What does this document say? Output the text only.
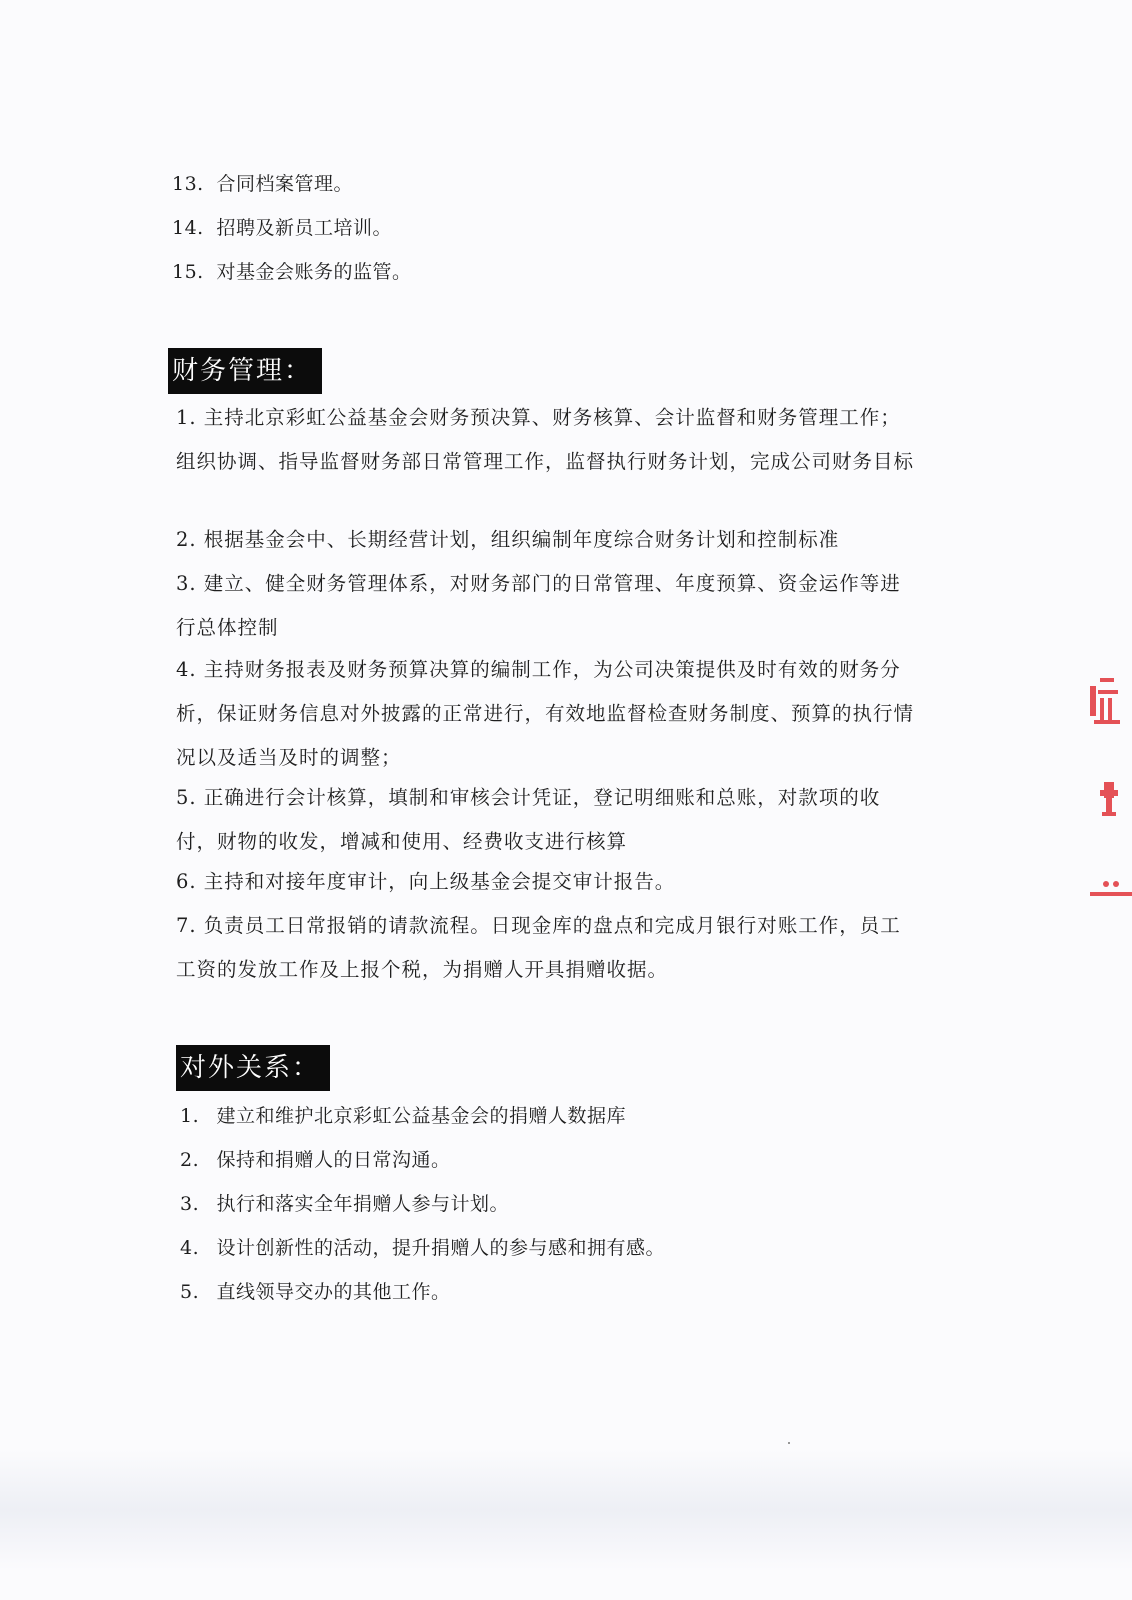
13. 合同档案管理。
14. 招聘及新员工培训。
15. 对基金会账务的监管。
财务管理：

1. 主持北京彩虹公益基金会财务预决算、财务核算、会计监督和财务管理工作；组织协调、指导监督财务部日常管理工作，监督执行财务计划，完成公司财务目标

2. 根据基金会中、长期经营计划，组织编制年度综合财务计划和控制标准

3. 建立、健全财务管理体系，对财务部门的日常管理、年度预算、资金运作等进行总体控制

4. 主持财务报表及财务预算决算的编制工作，为公司决策提供及时有效的财务分析，保证财务信息对外披露的正常进行，有效地监督检查财务制度、预算的执行情况以及适当及时的调整；

5. 正确进行会计核算，填制和审核会计凭证，登记明细账和总账，对款项的收付，财物的收发，增减和使用、经费收支进行核算

6. 主持和对接年度审计，向上级基金会提交审计报告。

7. 负责员工日常报销的请款流程。日现金库的盘点和完成月银行对账工作，员工工资的发放工作及上报个税，为捐赠人开具捐赠收据。

对外关系：
1. 建立和维护北京彩虹公益基金会的捐赠人数据库
2. 保持和捐赠人的日常沟通。
3. 执行和落实全年捐赠人参与计划。
4. 设计创新性的活动，提升捐赠人的参与感和拥有感。
5. 直线领导交办的其他工作。
